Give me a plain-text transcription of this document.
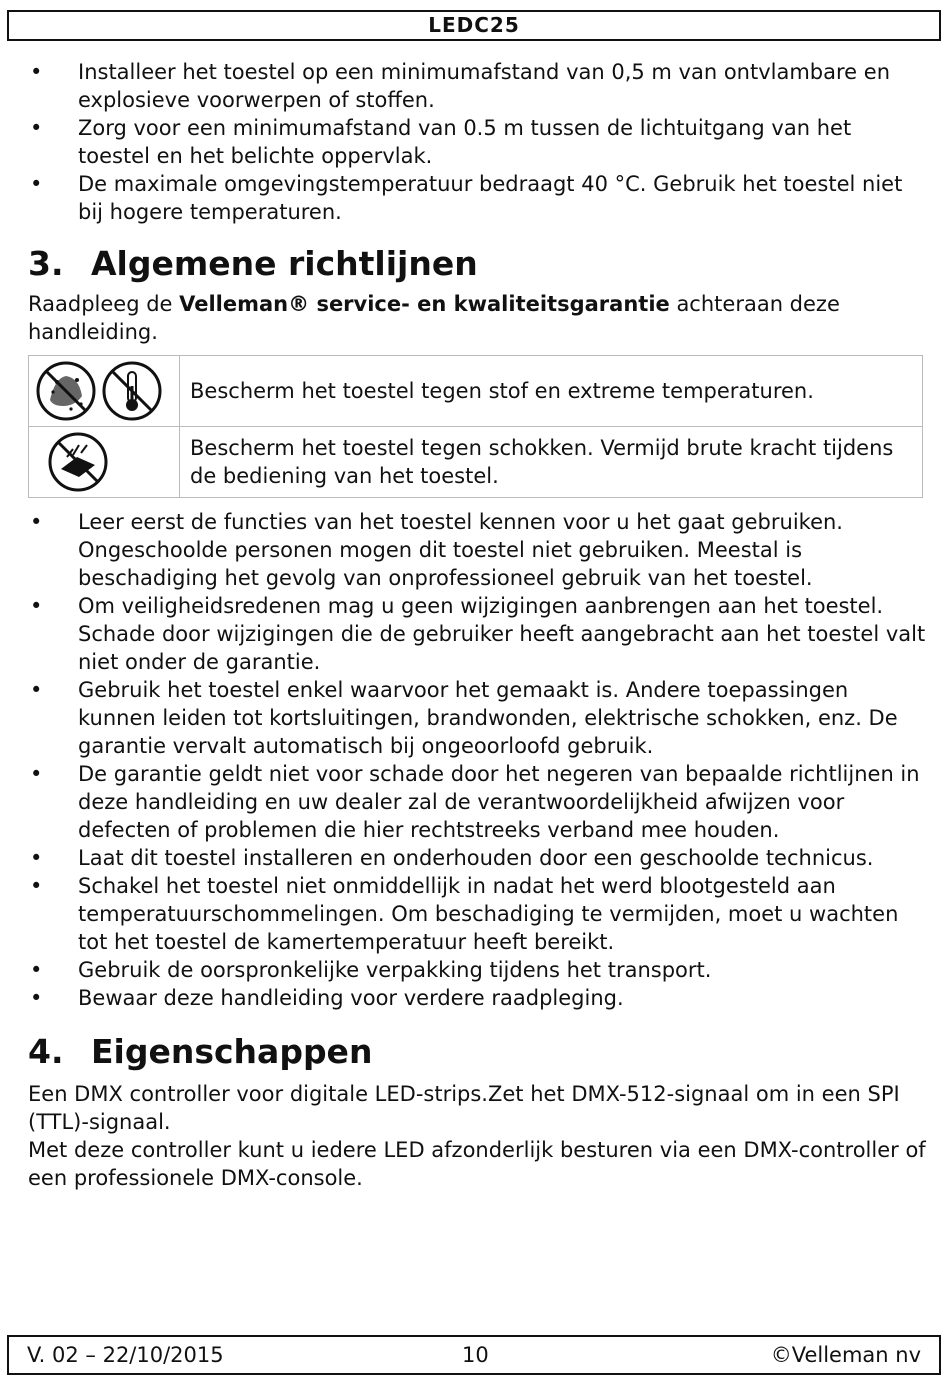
LEDC25
• Installeer het toestel op een minimumafstand van 0,5 m van ontvlambare en explosieve voorwerpen of stoffen.
• Zorg voor een minimumafstand van 0.5 m tussen de lichtuitgang van het toestel en het belichte oppervlak.
• De maximale omgevingstemperatuur bedraagt 40 °C. Gebruik het toestel niet bij hogere temperaturen.
3. Algemene richtlijnen

Raadpleeg de Velleman® service- en kwaliteitsgarantie achteraan deze handleiding.

	Bescherm het toestel tegen stof en extreme temperaturen.

	Bescherm het toestel tegen schokken. Vermijd brute kracht tijdens de bediening van het toestel.
• Leer eerst de functies van het toestel kennen voor u het gaat gebruiken. Ongeschoolde personen mogen dit toestel niet gebruiken. Meestal is beschadiging het gevolg van onprofessioneel gebruik van het toestel.
• Om veiligheidsredenen mag u geen wijzigingen aanbrengen aan het toestel. Schade door wijzigingen die de gebruiker heeft aangebracht aan het toestel valt niet onder de garantie.
• Gebruik het toestel enkel waarvoor het gemaakt is. Andere toepassingen kunnen leiden tot kortsluitingen, brandwonden, elektrische schokken, enz. De garantie vervalt automatisch bij ongeoorloofd gebruik.
• De garantie geldt niet voor schade door het negeren van bepaalde richtlijnen in deze handleiding en uw dealer zal de verantwoordelijkheid afwijzen voor defecten of problemen die hier rechtstreeks verband mee houden.
• Laat dit toestel installeren en onderhouden door een geschoolde technicus.
• Schakel het toestel niet onmiddellijk in nadat het werd blootgesteld aan temperatuurschommelingen. Om beschadiging te vermijden, moet u wachten tot het toestel de kamertemperatuur heeft bereikt.
• Gebruik de oorspronkelijke verpakking tijdens het transport.
• Bewaar deze handleiding voor verdere raadpleging.
4. Eigenschappen

Een DMX controller voor digitale LED-strips.Zet het DMX-512-signaal om in een SPI (TTL)-signaal.

Met deze controller kunt u iedere LED afzonderlijk besturen via een DMX-controller of een professionele DMX-console.

V. 02 – 22/10/2015	10	©Velleman nv
